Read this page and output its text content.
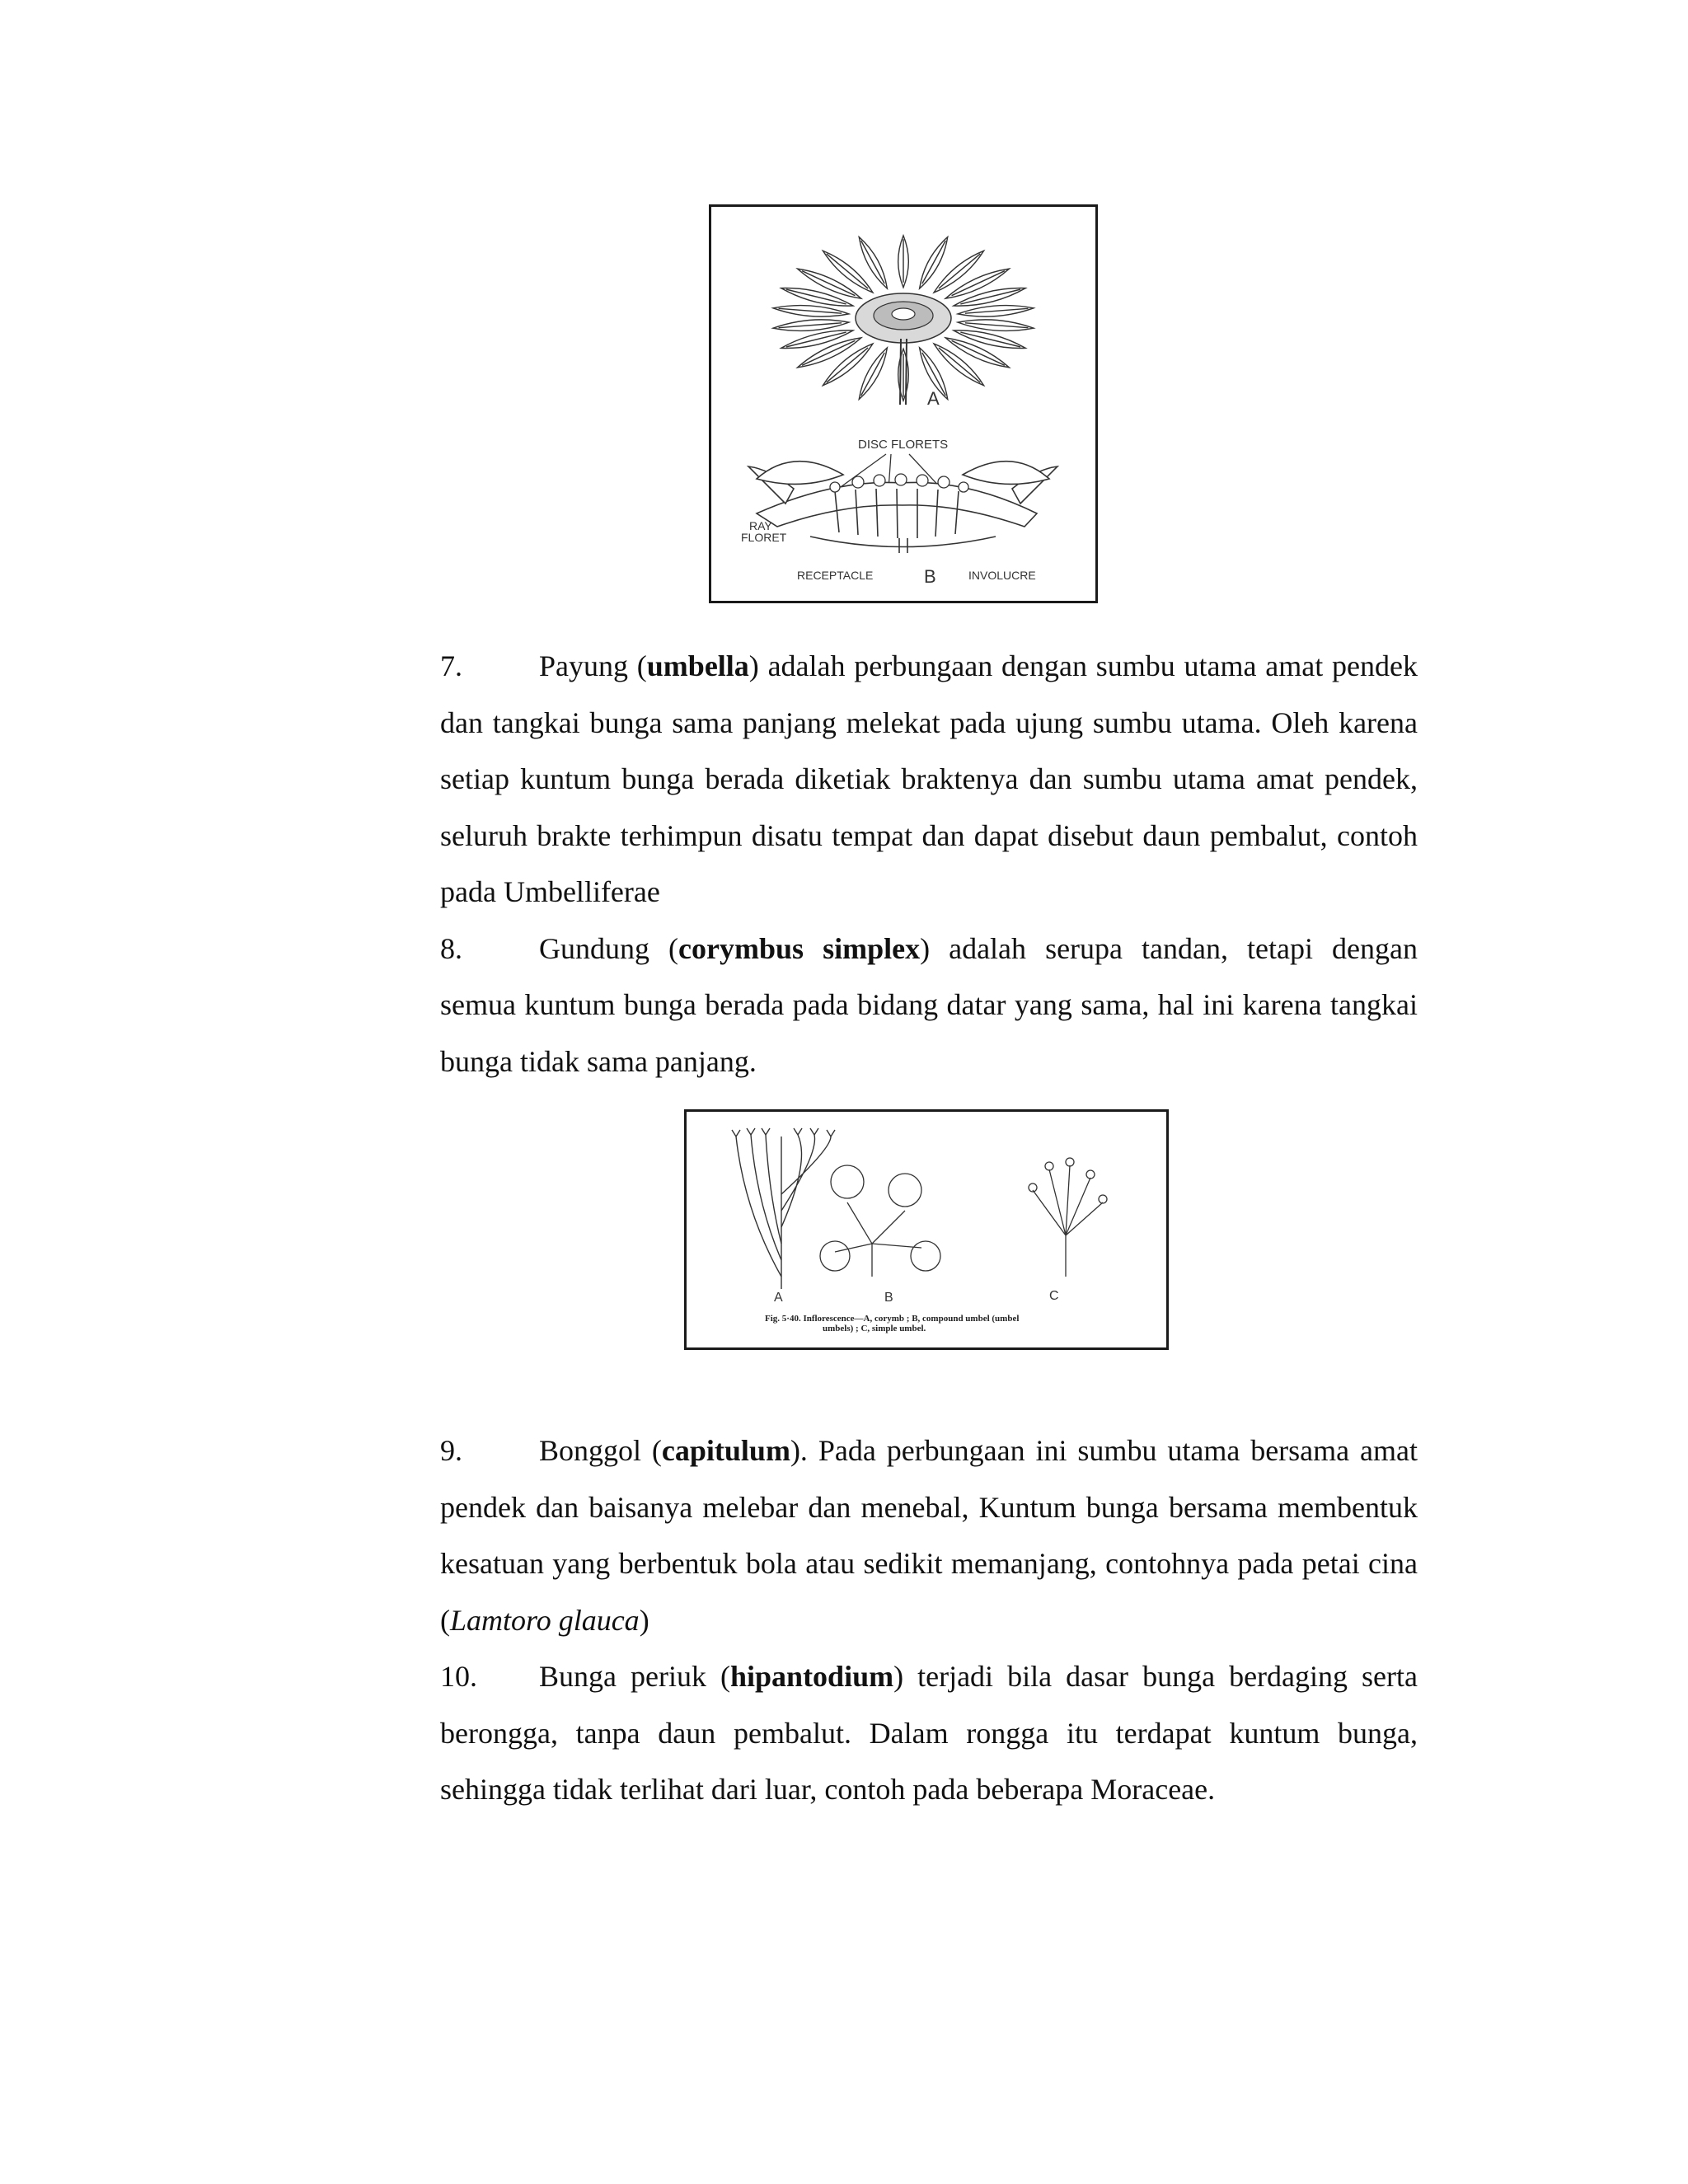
A
DISC FLORETS
RAY
FLORET
RECEPTACLE	B	INVOLUCRE

7.	Payung (umbella) adalah perbungaan dengan sumbu utama amat pendek dan tangkai bunga sama panjang melekat pada ujung sumbu utama. Oleh karena setiap kuntum bunga berada diketiak braktenya dan sumbu utama amat pendek, seluruh brakte terhimpun disatu tempat dan dapat disebut daun pembalut, contoh pada Umbelliferae

8.	Gundung (corymbus simplex) adalah serupa tandan, tetapi dengan semua kuntum bunga berada pada bidang datar yang sama, hal ini karena tangkai bunga tidak sama panjang.

A	B	C
Fig. 5·40. Inflorescence—A, corymb ; B, compound umbel (umbel
umbels) ; C, simple umbel.

9.	Bonggol (capitulum). Pada perbungaan ini sumbu utama bersama amat pendek dan baisanya melebar dan menebal, Kuntum bunga bersama membentuk kesatuan yang berbentuk bola atau sedikit memanjang, contohnya pada petai cina (Lamtoro glauca)

10. Bunga periuk (hipantodium) terjadi bila dasar bunga berdaging serta berongga, tanpa daun pembalut. Dalam rongga itu terdapat kuntum bunga, sehingga tidak terlihat dari luar, contoh pada beberapa Moraceae.
